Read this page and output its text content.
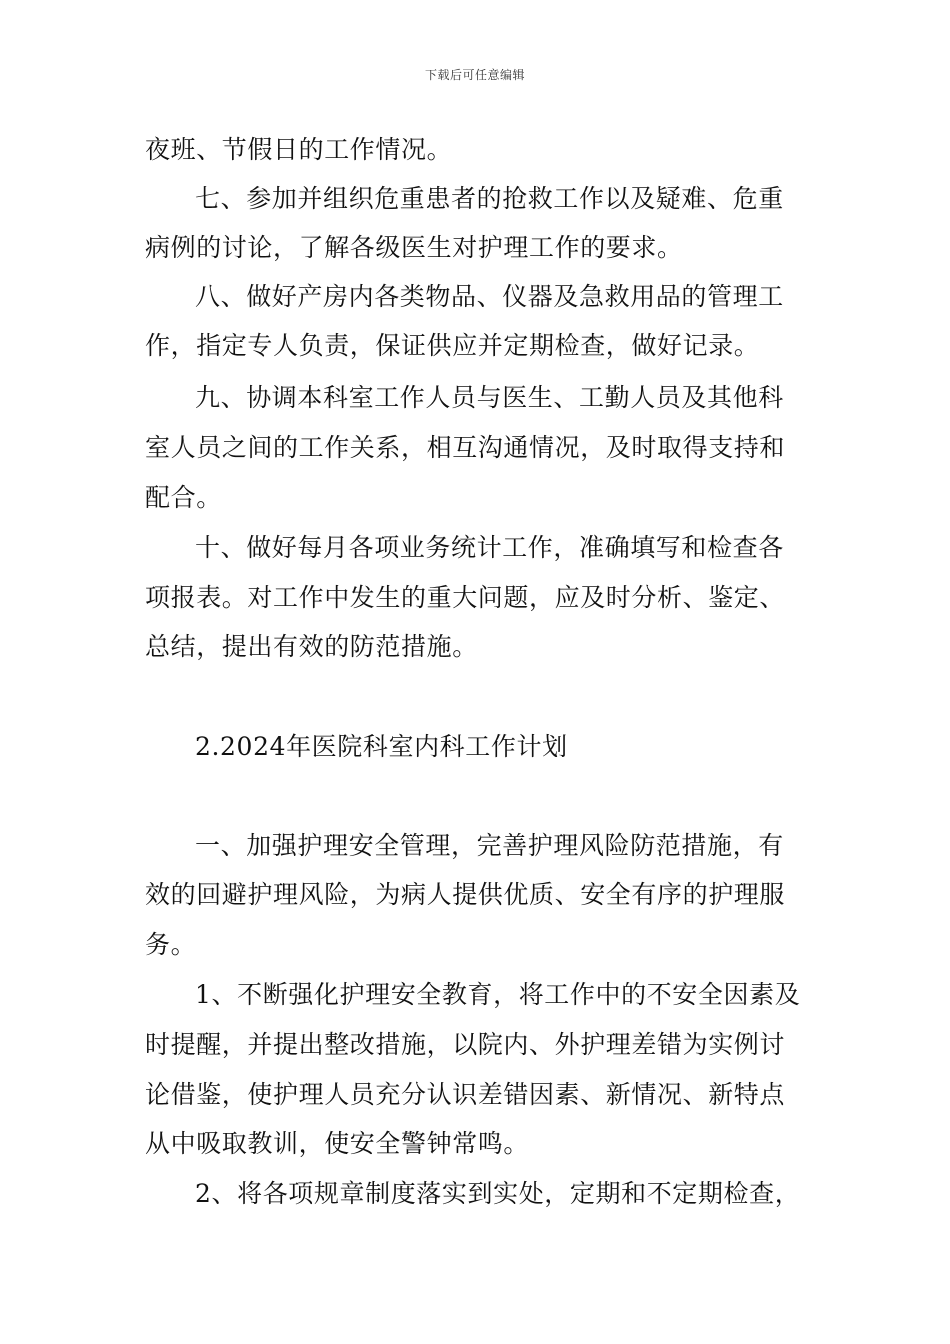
下载后可任意编辑
夜班、节假日的工作情况。
七、参加并组织危重患者的抢救工作以及疑难、危重
病例的讨论，了解各级医生对护理工作的要求。
八、做好产房内各类物品、仪器及急救用品的管理工
作，指定专人负责，保证供应并定期检查，做好记录。
九、协调本科室工作人员与医生、工勤人员及其他科
室人员之间的工作关系，相互沟通情况，及时取得支持和
配合。
十、做好每月各项业务统计工作，准确填写和检查各
项报表。对工作中发生的重大问题，应及时分析、鉴定、
总结，提出有效的防范措施。
2.2024年医院科室内科工作计划
一、加强护理安全管理，完善护理风险防范措施，有
效的回避护理风险，为病人提供优质、安全有序的护理服
务。
1、不断强化护理安全教育，将工作中的不安全因素及
时提醒，并提出整改措施，以院内、外护理差错为实例讨
论借鉴，使护理人员充分认识差错因素、新情况、新特点
从中吸取教训，使安全警钟常鸣。
2、将各项规章制度落实到实处，定期和不定期检查，
